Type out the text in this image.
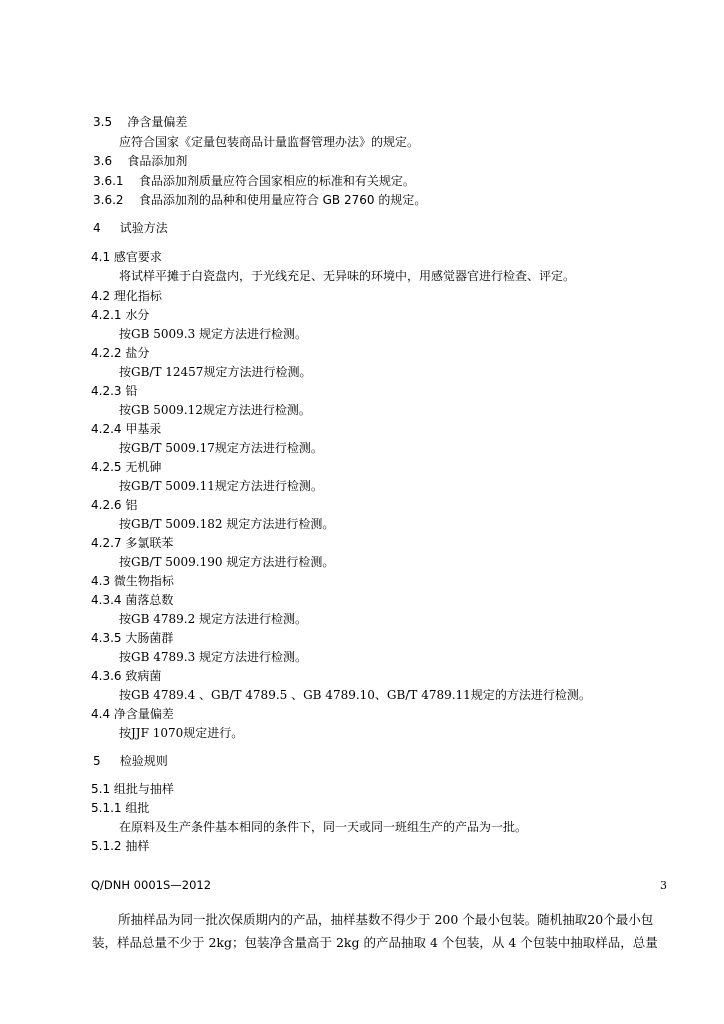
3.5 净含量偏差
应符合国家《定量包装商品计量监督管理办法》的规定。
3.6 食品添加剂
3.6.1 食品添加剂质量应符合国家相应的标准和有关规定。
3.6.2 食品添加剂的品种和使用量应符合 GB 2760 的规定。
4 试验方法
4.1 感官要求
将试样平摊于白瓷盘内，于光线充足、无异味的环境中，用感觉器官进行检查、评定。
4.2 理化指标
4.2.1 水分
按GB 5009.3 规定方法进行检测。
4.2.2 盐分
按GB/T 12457规定方法进行检测。
4.2.3 铅
按GB 5009.12规定方法进行检测。
4.2.4 甲基汞
按GB/T 5009.17规定方法进行检测。
4.2.5 无机砷
按GB/T 5009.11规定方法进行检测。
4.2.6 铝
按GB/T 5009.182 规定方法进行检测。
4.2.7 多氯联苯
按GB/T 5009.190 规定方法进行检测。
4.3 微生物指标
4.3.4 菌落总数
按GB 4789.2 规定方法进行检测。
4.3.5 大肠菌群
按GB 4789.3 规定方法进行检测。
4.3.6 致病菌
按GB 4789.4 、GB/T 4789.5 、GB 4789.10、GB/T 4789.11规定的方法进行检测。
4.4 净含量偏差
按JJF 1070规定进行。
5 检验规则
5.1 组批与抽样
5.1.1 组批
在原料及生产条件基本相同的条件下，同一天或同一班组生产的产品为一批。
5.1.2 抽样
Q/DNH 0001S—2012	3
所抽样品为同一批次保质期内的产品，抽样基数不得少于 200 个最小包装。随机抽取20个最小包
装，样品总量不少于 2kg；包装净含量高于 2kg 的产品抽取 4 个包装，从 4 个包装中抽取样品，总量
